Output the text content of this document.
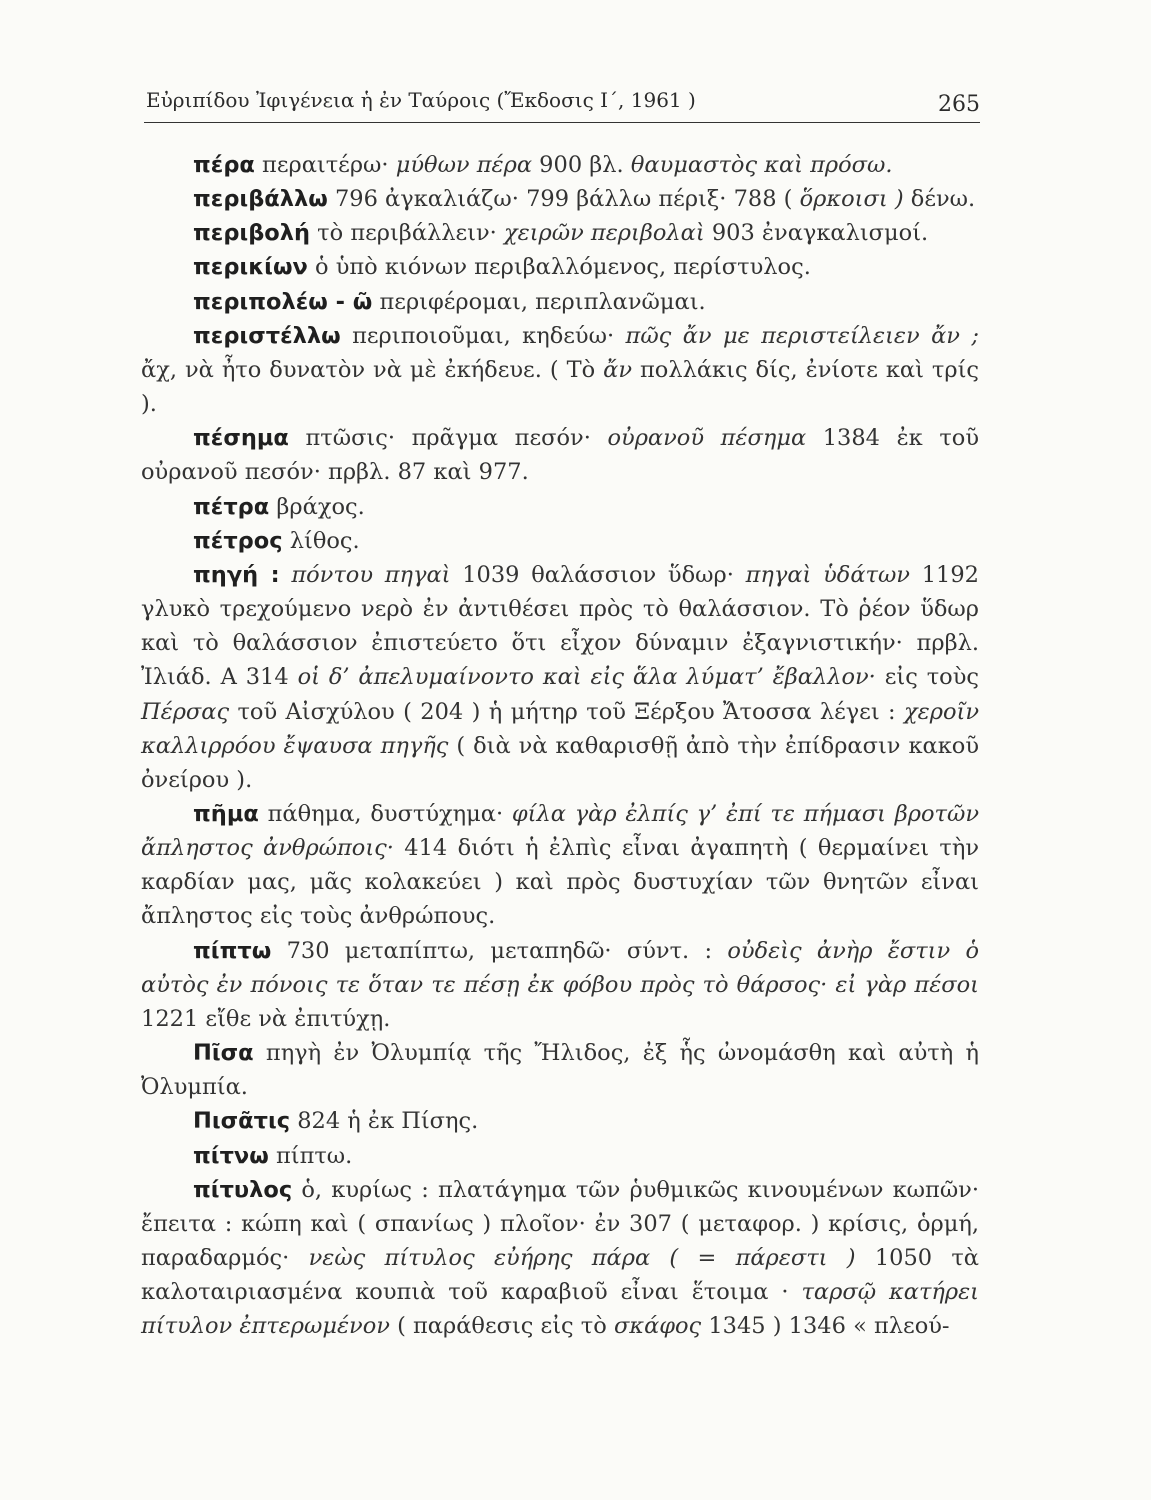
Εὐριπίδου Ἰφιγένεια ἡ ἐν Ταύροις (Ἔκδοσις Ι΄, 1961 )	265

πέρα περαιτέρω· μύθων πέρα 900 βλ. θαυμαστὸς καὶ πρόσω.

περιβάλλω 796 ἀγκαλιάζω· 799 βάλλω πέριξ· 788 ( ὅρκοισι ) δένω.

περιβολή τὸ περιβάλλειν· χειρῶν περιβολαὶ 903 ἐναγκαλισμοί.

περικίων ὁ ὑπὸ κιόνων περιβαλλόμενος, περίστυλος.

περιπολέω - ῶ περιφέρομαι, περιπλανῶμαι.

περιστέλλω περιποιοῦμαι, κηδεύω· πῶς ἄν με περιστείλειεν ἄν ; ἄχ, νὰ ἦτο δυνατὸν νὰ μὲ ἐκήδευε. ( Τὸ ἄν πολλάκις δίς, ἐνίοτε καὶ τρίς ).

πέσημα πτῶσις· πρᾶγμα πεσόν· οὐρανοῦ πέσημα 1384 ἐκ τοῦ οὐρανοῦ πεσόν· πρβλ. 87 καὶ 977.

πέτρα βράχος.

πέτρος λίθος.

πηγή : πόντου πηγαὶ 1039 θαλάσσιον ὕδωρ· πηγαὶ ὑδάτων 1192 γλυκὸ τρεχούμενο νερὸ ἐν ἀντιθέσει πρὸς τὸ θαλάσσιον. Τὸ ῥέον ὕδωρ καὶ τὸ θαλάσσιον ἐπιστεύετο ὅτι εἶχον δύναμιν ἐξαγνιστικήν· πρβλ. Ἰλιάδ. Α 314 οἱ δ’ ἀπελυμαίνοντο καὶ εἰς ἅλα λύματ’ ἔβαλλον· εἰς τοὺς Πέρσας τοῦ Αἰσχύλου ( 204 ) ἡ μήτηρ τοῦ Ξέρξου Ἄτοσσα λέγει : χεροῖν καλλιρρόου ἔψαυσα πηγῆς ( διὰ νὰ καθαρισθῇ ἀπὸ τὴν ἐπίδρασιν κακοῦ ὀνείρου ).

πῆμα πάθημα, δυστύχημα· φίλα γὰρ ἐλπίς γ’ ἐπί τε πήμασι βροτῶν ἄπληστος ἀνθρώποις· 414 διότι ἡ ἐλπὶς εἶναι ἀγαπητὴ ( θερμαίνει τὴν καρδίαν μας, μᾶς κολακεύει ) καὶ πρὸς δυστυχίαν τῶν θνητῶν εἶναι ἄπληστος εἰς τοὺς ἀνθρώπους.

πίπτω 730 μεταπίπτω, μεταπηδῶ· σύντ. : οὐδεὶς ἀνὴρ ἔστιν ὁ αὐτὸς ἐν πόνοις τε ὅταν τε πέσῃ ἐκ φόβου πρὸς τὸ θάρσος· εἰ γὰρ πέσοι 1221 εἴθε νὰ ἐπιτύχῃ.

Πῖσα πηγὴ ἐν Ὀλυμπίᾳ τῆς Ἤλιδος, ἐξ ἧς ὠνομάσθη καὶ αὐτὴ ἡ Ὀλυμπία.

Πισᾶτις 824 ἡ ἐκ Πίσης.

πίτνω πίπτω.

πίτυλος ὁ, κυρίως : πλατάγημα τῶν ῥυθμικῶς κινουμένων κωπῶν· ἔπειτα : κώπη καὶ ( σπανίως ) πλοῖον· ἐν 307 ( μεταφορ. ) κρίσις, ὁρμή, παραδαρμός· νεὼς πίτυλος εὐήρης πάρα ( = πάρεστι ) 1050 τὰ καλοταιριασμένα κουπιὰ τοῦ καραβιοῦ εἶναι ἕτοιμα · ταρσῷ κατήρει πίτυλον ἐπτερωμένον ( παράθεσις εἰς τὸ σκάφος 1345 ) 1346 « πλεού-
